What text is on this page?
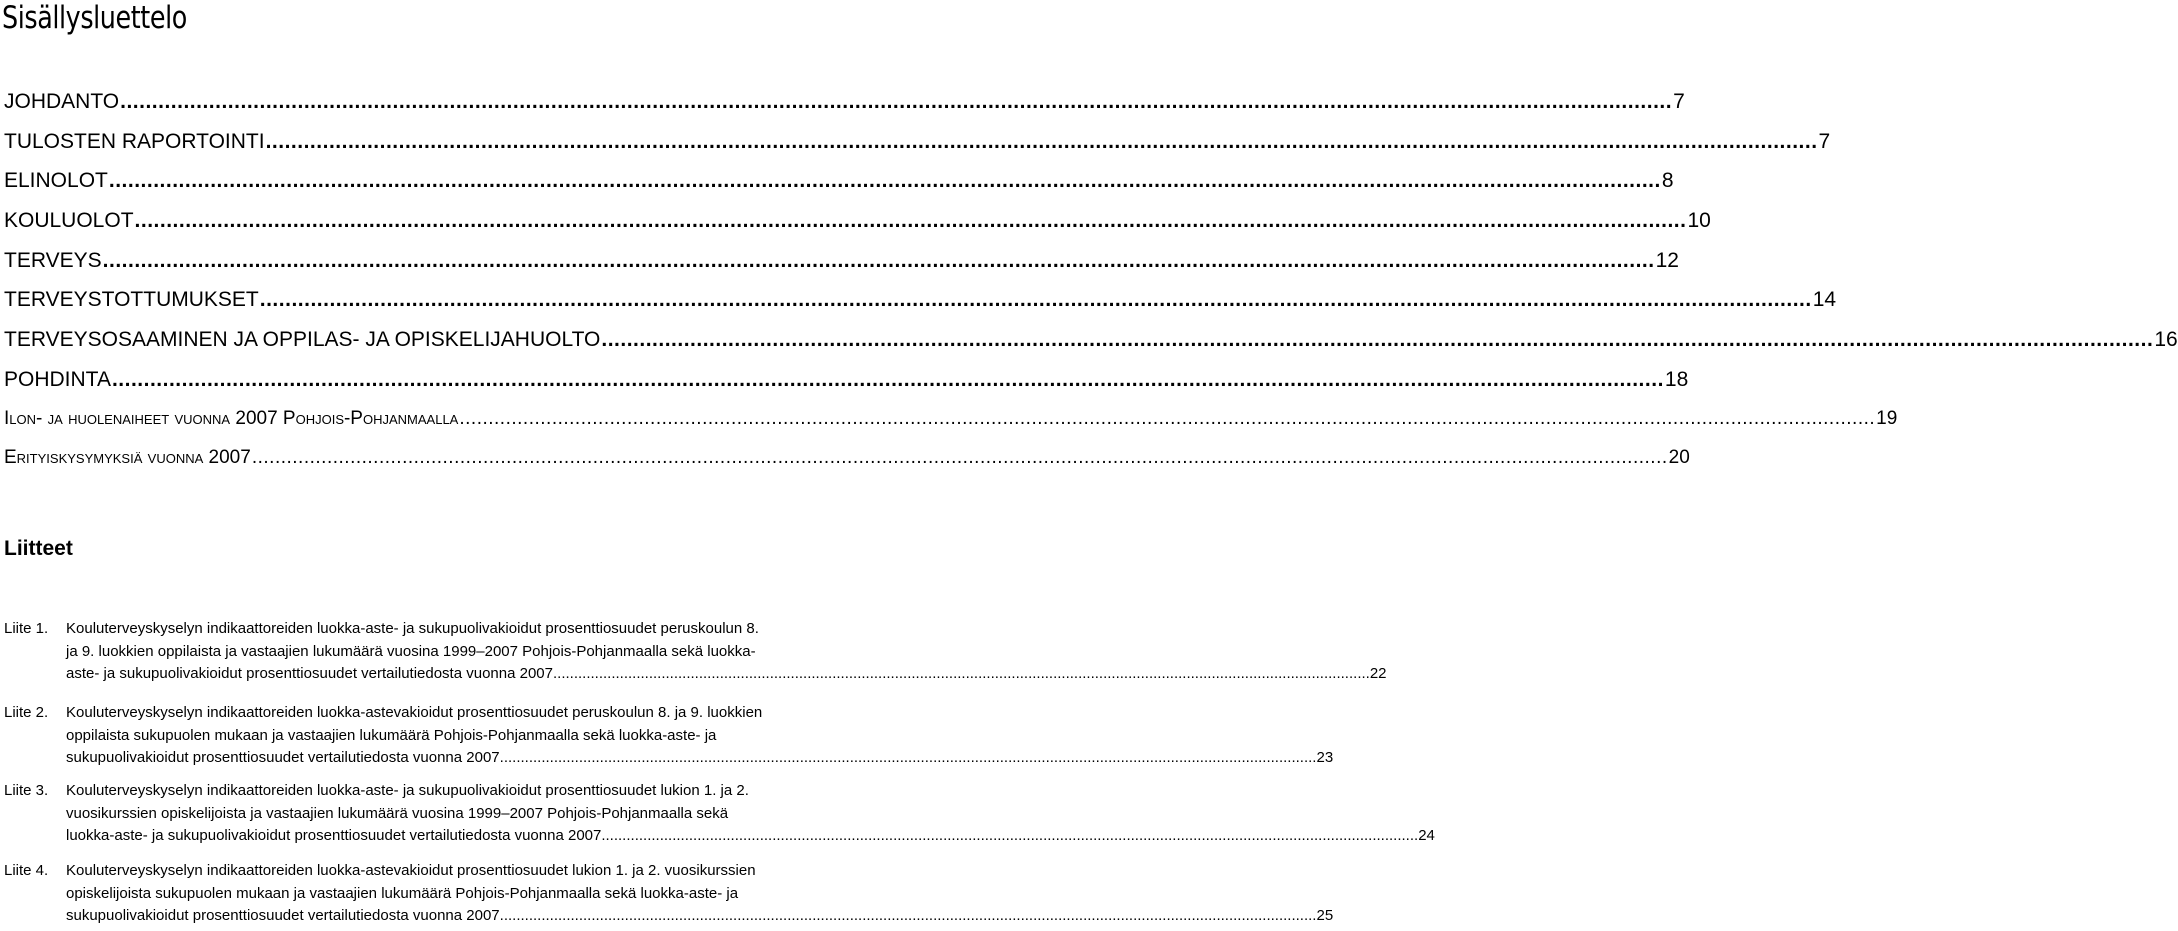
Sisällysluettelo
JOHDANTO .....	7
TULOSTEN RAPORTOINTI .....	7
ELINOLOT .....	8
KOULUOLOT .....	10
TERVEYS .....	12
TERVEYSTOTTUMUKSET .....	14
TERVEYSOSAAMINEN JA OPPILAS- JA OPISKELIJAHUOLTO .....	16
POHDINTA .....	18
Ilon- ja huolenaiheet vuonna 2007 Pohjois-Pohjanmaalla .....	19
Erityiskysymyksiä vuonna 2007 .....	20
Liitteet
Liite 1. Kouluterveyskyselyn indikaattoreiden luokka-aste- ja sukupuolivakioidut prosenttiosuudet peruskoulun 8.
ja 9. luokkien oppilaista ja vastaajien lukumäärä vuosina 1999–2007 Pohjois-Pohjanmaalla sekä luokka-
aste- ja sukupuolivakioidut prosenttiosuudet vertailutiedosta vuonna 2007. .....	22
Liite 2. Kouluterveyskyselyn indikaattoreiden luokka-astevakioidut prosenttiosuudet peruskoulun 8. ja 9. luokkien
oppilaista sukupuolen mukaan ja vastaajien lukumäärä Pohjois-Pohjanmaalla sekä luokka-aste- ja
sukupuolivakioidut prosenttiosuudet vertailutiedosta vuonna 2007. .....	23
Liite 3. Kouluterveyskyselyn indikaattoreiden luokka-aste- ja sukupuolivakioidut prosenttiosuudet lukion 1. ja 2.
vuosikurssien opiskelijoista ja vastaajien lukumäärä vuosina 1999–2007 Pohjois-Pohjanmaalla sekä
luokka-aste- ja sukupuolivakioidut prosenttiosuudet vertailutiedosta vuonna 2007. .....	24
Liite 4. Kouluterveyskyselyn indikaattoreiden luokka-astevakioidut prosenttiosuudet lukion 1. ja 2. vuosikurssien
opiskelijoista sukupuolen mukaan ja vastaajien lukumäärä Pohjois-Pohjanmaalla sekä luokka-aste- ja
sukupuolivakioidut prosenttiosuudet vertailutiedosta vuonna 2007. .....	25
